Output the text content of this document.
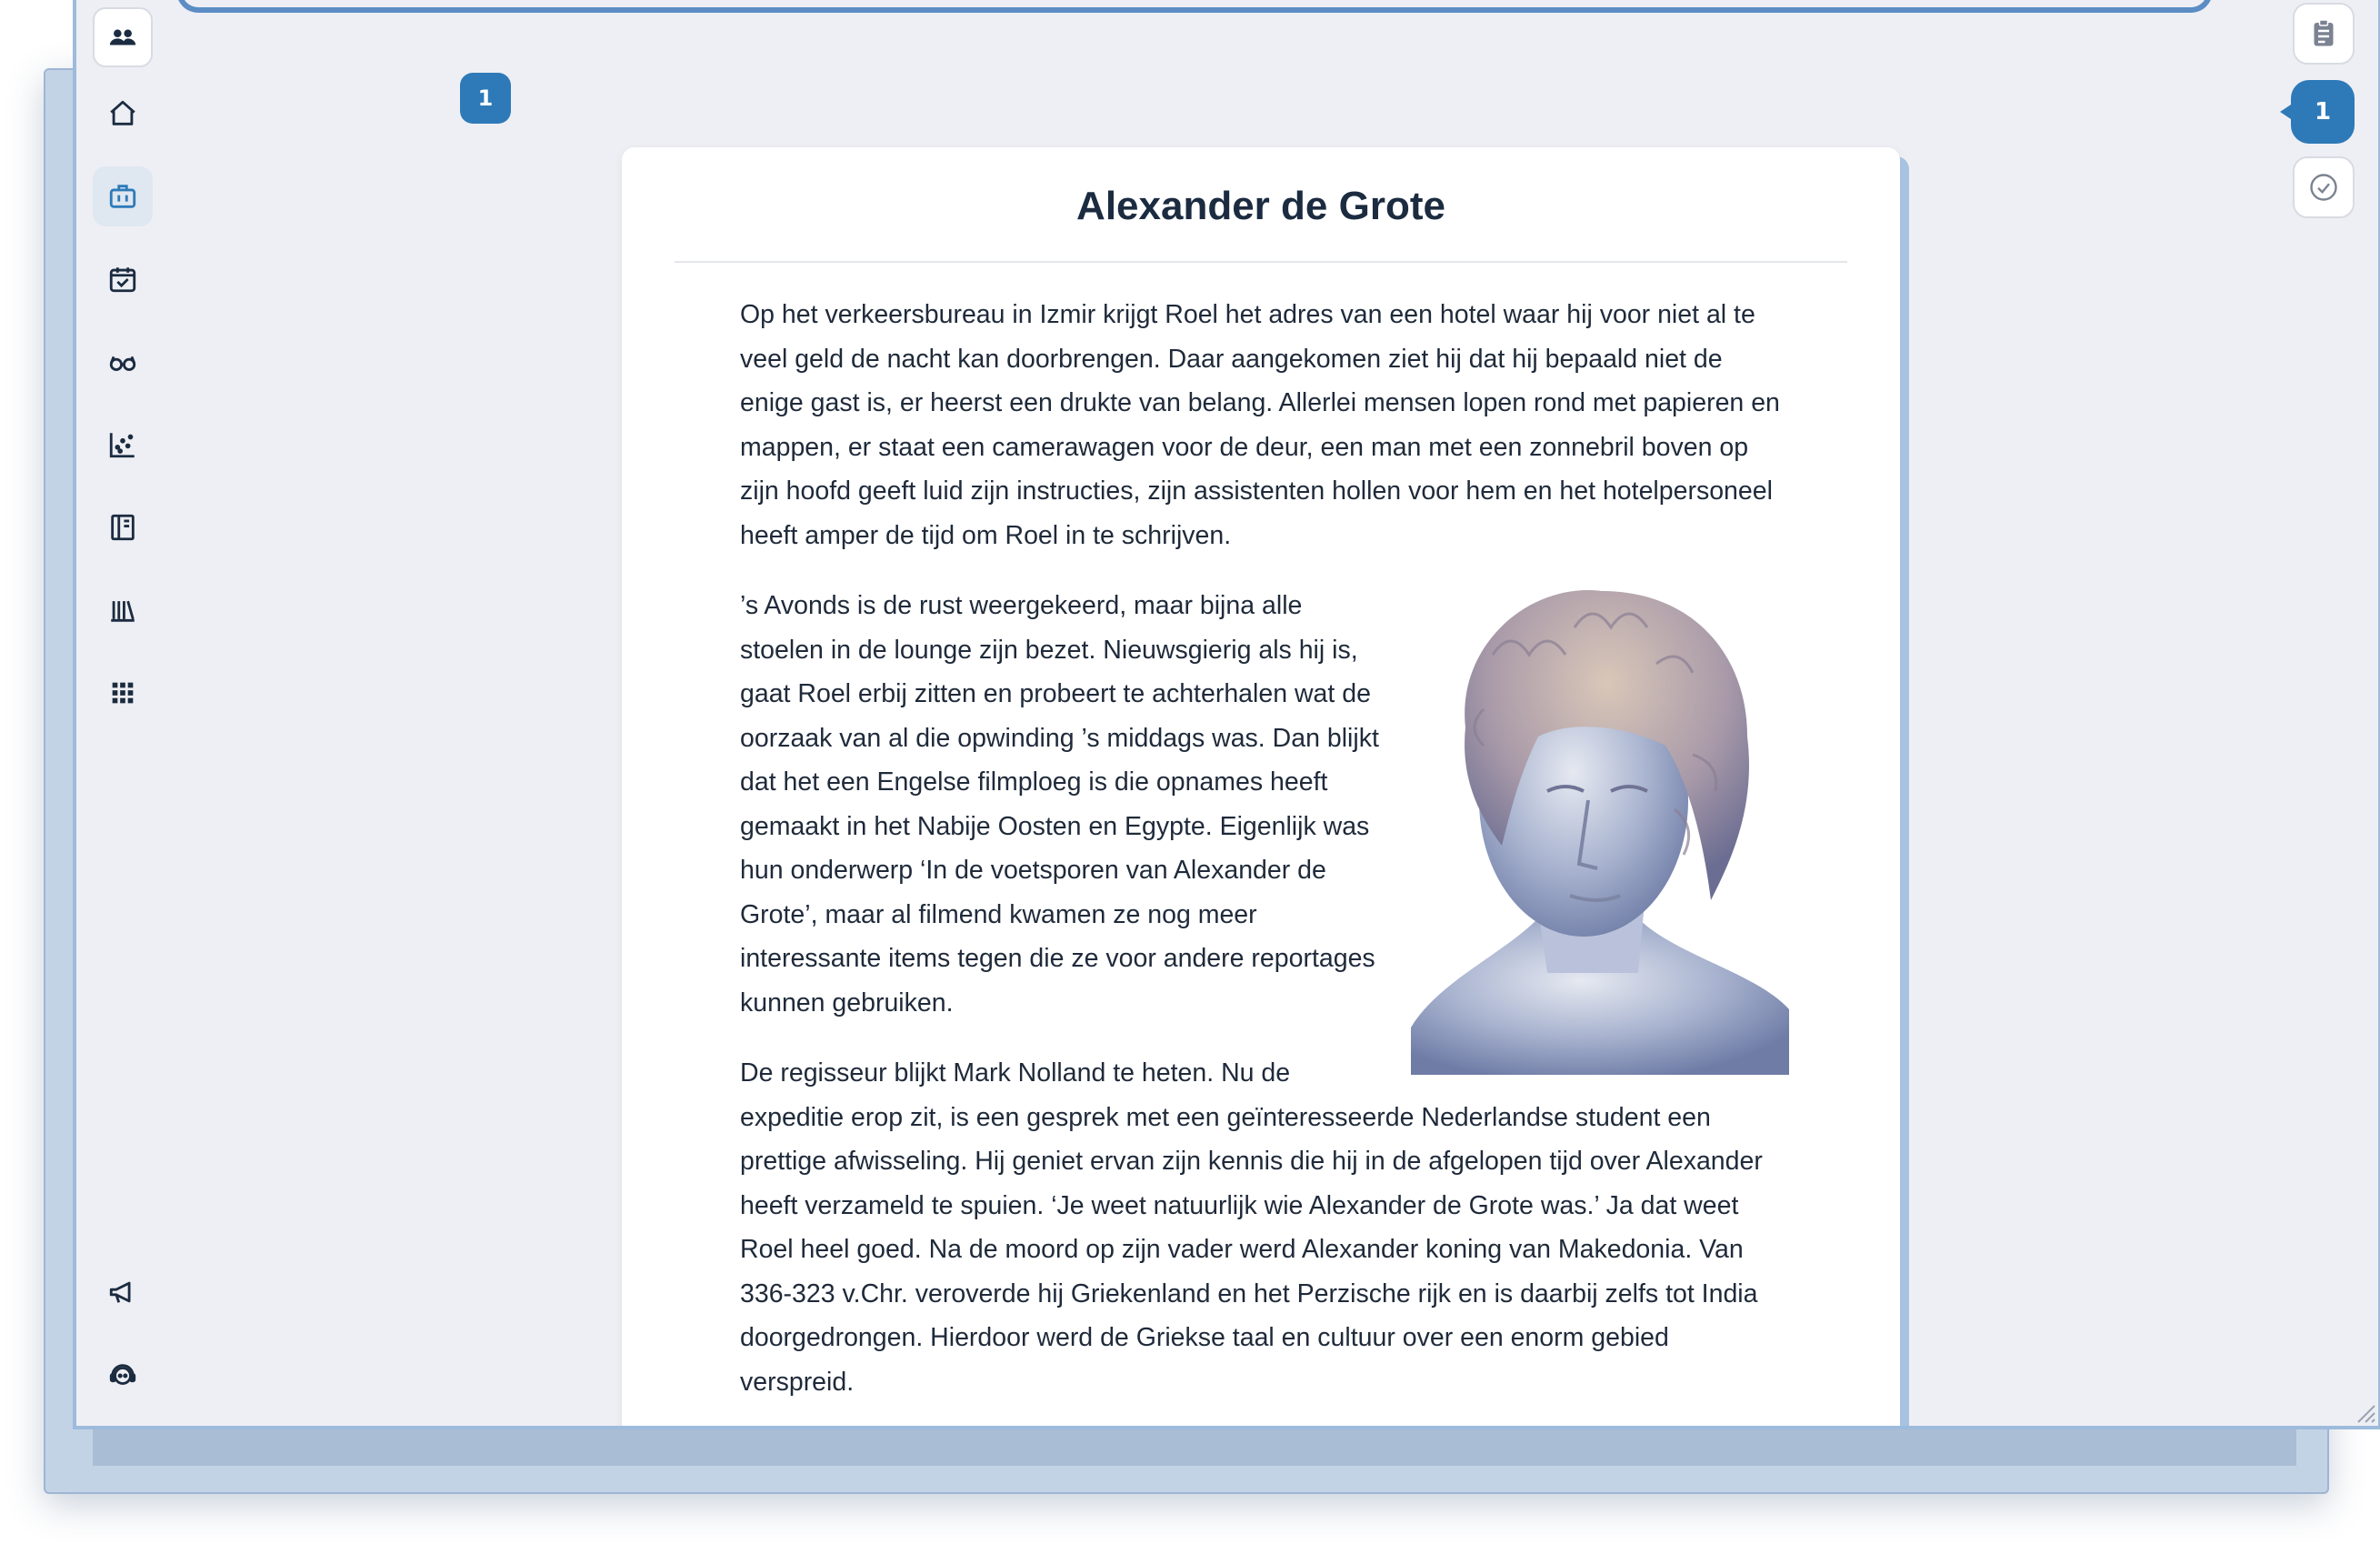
1	1
Alexander de Grote

Op het verkeersbureau in Izmir krijgt Roel het adres van een hotel waar hij voor niet al te veel geld de nacht kan doorbrengen. Daar aangekomen ziet hij dat hij bepaald niet de enige gast is, er heerst een drukte van belang. Allerlei mensen lopen rond met papieren en mappen, er staat een camerawagen voor de deur, een man met een zonnebril boven op zijn hoofd geeft luid zijn instructies, zijn assistenten hollen voor hem en het hotelpersoneel heeft amper de tijd om Roel in te schrijven.

’s Avonds is de rust weergekeerd, maar bijna alle stoelen in de lounge zijn bezet. Nieuwsgierig als hij is, gaat Roel erbij zitten en probeert te achterhalen wat de oorzaak van al die opwinding ’s middags was. Dan blijkt dat het een Engelse filmploeg is die opnames heeft gemaakt in het Nabije Oosten en Egypte. Eigenlijk was hun onderwerp ‘In de voetsporen van Alexander de Grote’, maar al filmend kwamen ze nog meer interessante items tegen die ze voor andere reportages kunnen gebruiken.

De regisseur blijkt Mark Nolland te heten. Nu de expeditie erop zit, is een gesprek met een geïnteresseerde Nederlandse student een prettige afwisseling. Hij geniet ervan zijn kennis die hij in de afgelopen tijd over Alexander heeft verzameld te spuien. ‘Je weet natuurlijk wie Alexander de Grote was.’ Ja dat weet Roel heel goed. Na de moord op zijn vader werd Alexander koning van Makedonia. Van 336-323 v.Chr. veroverde hij Griekenland en het Perzische rijk en is daarbij zelfs tot India doorgedrongen. Hierdoor werd de Griekse taal en cultuur over een enorm gebied verspreid.
